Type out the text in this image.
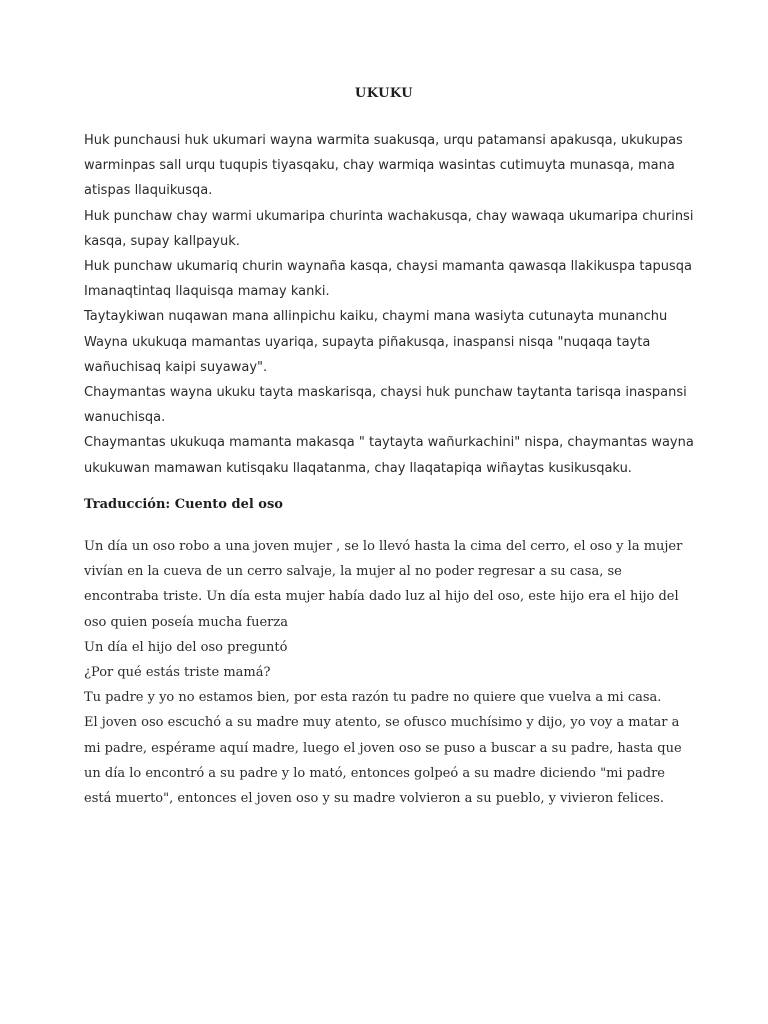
UKUKU

Huk punchausi huk ukumari wayna warmita suakusqa, urqu patamansi apakusqa, ukukupas warminpas sall urqu tuqupis tiyasqaku, chay warmiqa wasintas cutimuyta munasqa, mana atispas llaquikusqa.

Huk punchaw chay warmi ukumaripa churinta wachakusqa, chay wawaqa ukumaripa churinsi kasqa, supay kallpayuk.

Huk punchaw ukumariq churin waynaña kasqa, chaysi mamanta qawasqa llakikuspa tapusqa Imanaqtintaq llaquisqa mamay kanki.

Taytaykiwan nuqawan mana allinpichu kaiku, chaymi mana wasiyta cutunayta munanchu

Wayna ukukuqa mamantas uyariqa, supayta piñakusqa, inaspansi nisqa "nuqaqa tayta wañuchisaq kaipi suyaway".

Chaymantas wayna ukuku tayta maskarisqa, chaysi huk punchaw taytanta tarisqa inaspansi wanuchisqa.

Chaymantas ukukuqa mamanta makasqa " taytayta wañurkachini" nispa, chaymantas wayna ukukuwan mamawan kutisqaku llaqatanma, chay llaqatapiqa wiñaytas kusikusqaku.

Traducción: Cuento del oso

Un día un oso robo a una joven mujer , se lo llevó hasta la cima del cerro, el oso y la mujer vivían en la cueva de un cerro salvaje, la mujer al no poder regresar a su casa, se encontraba triste. Un día esta mujer había dado luz al hijo del oso, este hijo era el hijo del oso quien poseía mucha fuerza

Un día el hijo del oso preguntó

¿Por qué estás triste mamá?

Tu padre y yo no estamos bien, por esta razón tu padre no quiere que vuelva a mi casa.

El joven oso escuchó a su madre muy atento, se ofusco muchísimo y dijo, yo voy a matar a mi padre, espérame aquí madre, luego el joven oso se puso a buscar a su padre, hasta que un día lo encontró a su padre y lo mató, entonces golpeó a su madre diciendo "mi padre está muerto", entonces el joven oso y su madre volvieron a su pueblo, y vivieron felices.
